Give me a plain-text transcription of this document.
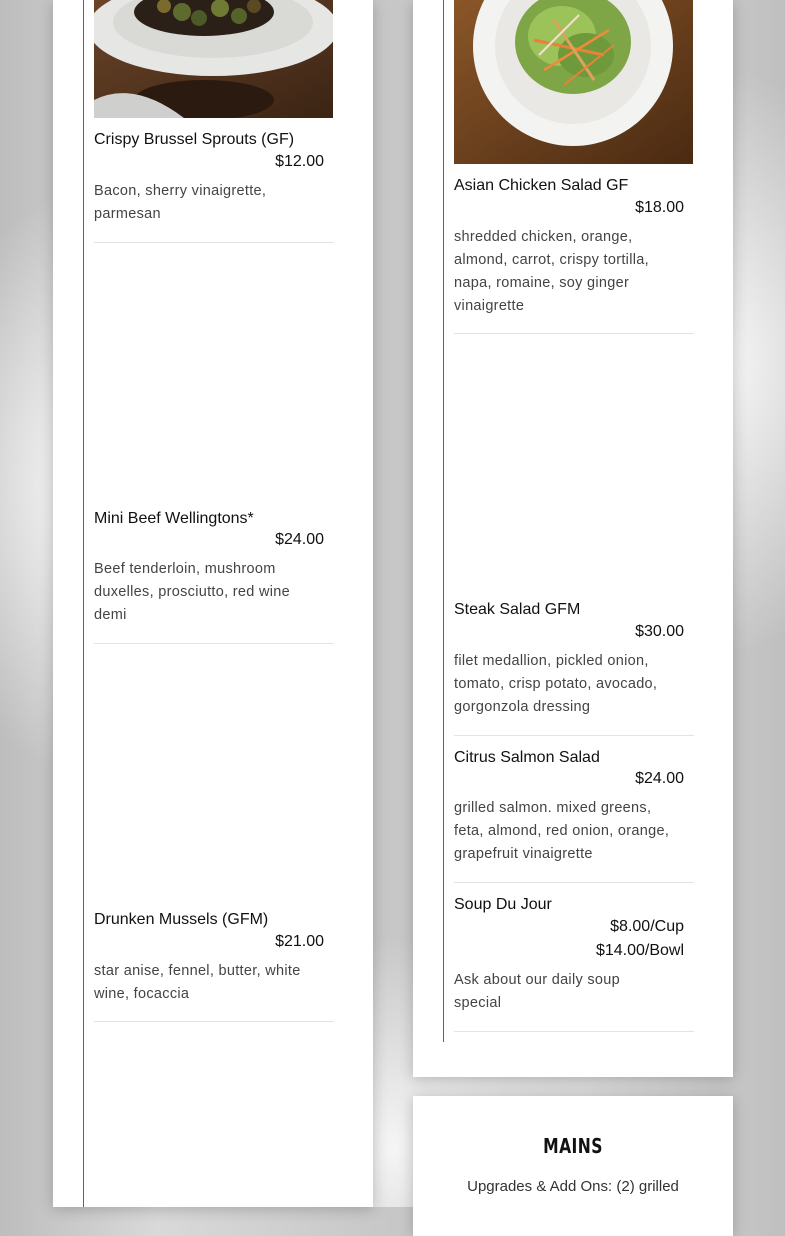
Crispy Brussel Sprouts (GF)
$12.00
Bacon, sherry vinaigrette, parmesan
Mini Beef Wellingtons*
$24.00
Beef tenderloin, mushroom duxelles, prosciutto, red wine demi
Drunken Mussels (GFM)
$21.00
star anise, fennel, butter, white wine, focaccia
Asian Chicken Salad GF
$18.00
shredded chicken, orange, almond, carrot, crispy tortilla, napa, romaine, soy ginger vinaigrette
Steak Salad GFM
$30.00
filet medallion, pickled onion, tomato, crisp potato, avocado, gorgonzola dressing
Citrus Salmon Salad
$24.00
grilled salmon. mixed greens, feta, almond, red onion, orange, grapefruit vinaigrette
Soup Du Jour
$8.00/Cup
$14.00/Bowl
Ask about our daily soup special
MAINS
Upgrades & Add Ons: (2) grilled
